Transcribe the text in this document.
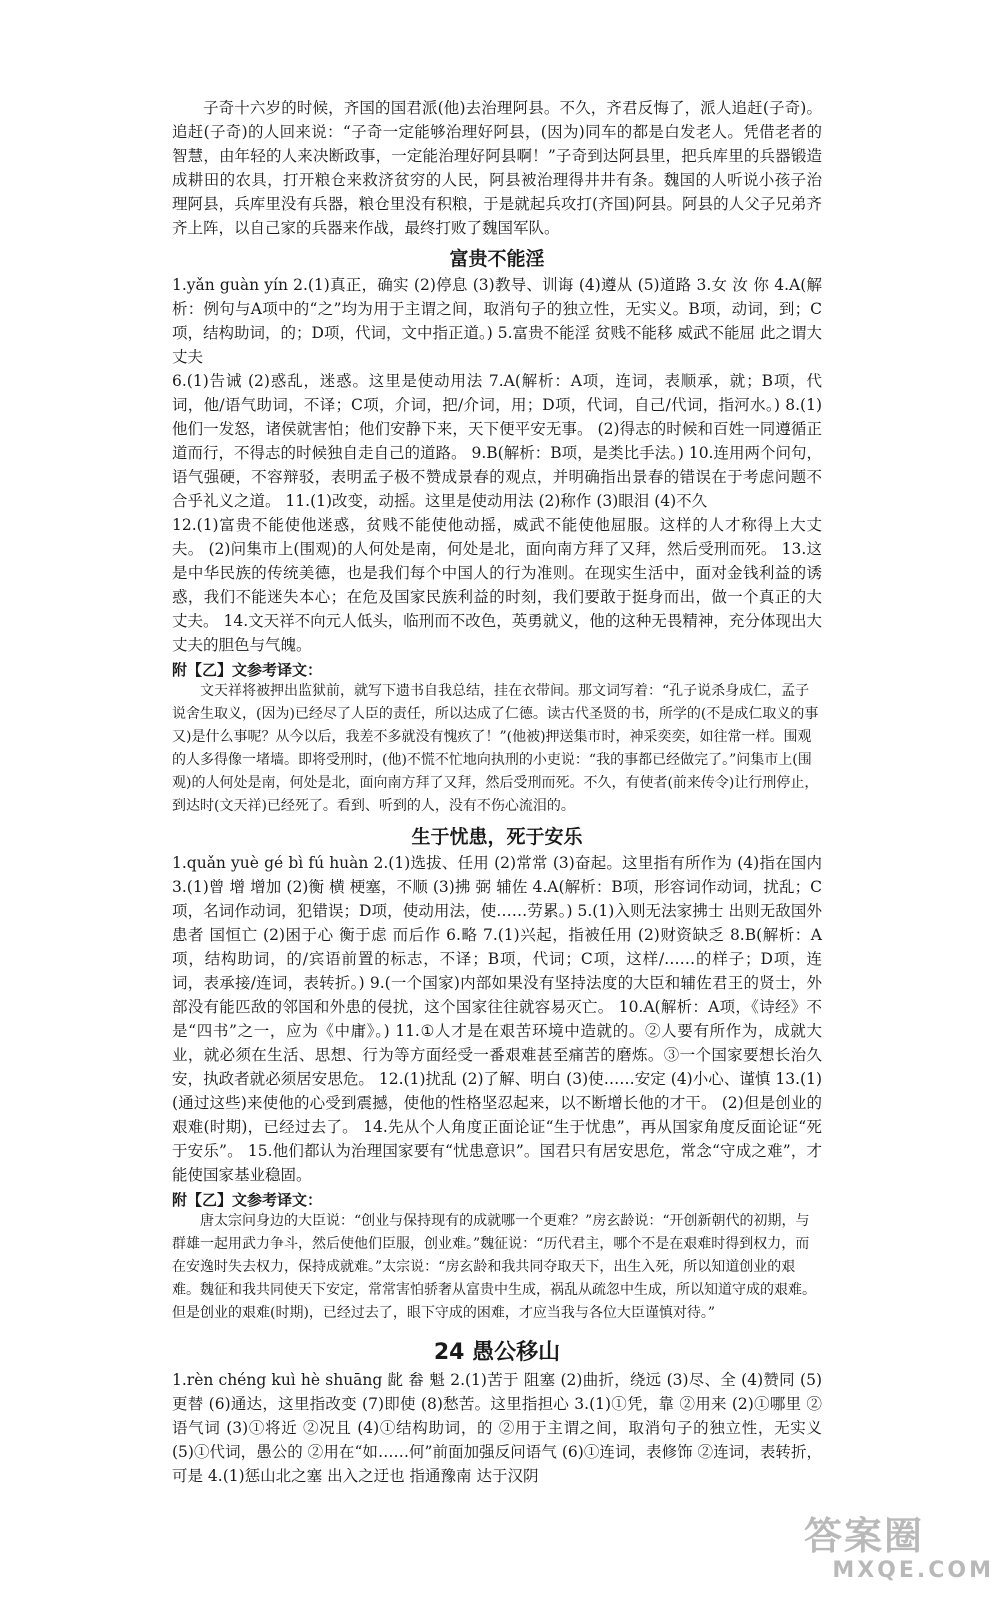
子奇十六岁的时候，齐国的国君派(他)去治理阿县。不久，齐君反悔了，派人追赶(子奇)。追赶(子奇)的人回来说：“子奇一定能够治理好阿县，(因为)同车的都是白发老人。凭借老者的智慧，由年轻的人来决断政事，一定能治理好阿县啊！”子奇到达阿县里，把兵库里的兵器锻造成耕田的农具，打开粮仓来救济贫穷的人民，阿县被治理得井井有条。魏国的人听说小孩子治理阿县，兵库里没有兵器，粮仓里没有积粮，于是就起兵攻打(齐国)阿县。阿县的人父子兄弟齐齐上阵，以自己家的兵器来作战，最终打败了魏国军队。

富贵不能淫

1.yǎn guàn yín 2.(1)真正，确实 (2)停息 (3)教导、训诲 (4)遵从 (5)道路 3.女 汝 你 4.A(解析：例句与A项中的“之”均为用于主谓之间，取消句子的独立性，无实义。B项，动词，到；C项，结构助词，的；D项，代词，文中指正道。) 5.富贵不能淫 贫贱不能移 威武不能屈 此之谓大丈夫

6.(1)告诫 (2)惑乱，迷惑。这里是使动用法 7.A(解析：A项，连词，表顺承，就；B项，代词，他/语气助词，不译；C项，介词，把/介词，用；D项，代词，自己/代词，指河水。) 8.(1)他们一发怒，诸侯就害怕；他们安静下来，天下便平安无事。 (2)得志的时候和百姓一同遵循正道而行，不得志的时候独自走自己的道路。 9.B(解析：B项，是类比手法。) 10.连用两个问句，语气强硬，不容辩驳，表明孟子极不赞成景春的观点，并明确指出景春的错误在于考虑问题不合乎礼义之道。 11.(1)改变，动摇。这里是使动用法 (2)称作 (3)眼泪 (4)不久

12.(1)富贵不能使他迷惑，贫贱不能使他动摇，威武不能使他屈服。这样的人才称得上大丈夫。 (2)问集市上(围观)的人何处是南，何处是北，面向南方拜了又拜，然后受刑而死。 13.这是中华民族的传统美德，也是我们每个中国人的行为准则。在现实生活中，面对金钱利益的诱惑，我们不能迷失本心；在危及国家民族利益的时刻，我们要敢于挺身而出，做一个真正的大丈夫。 14.文天祥不向元人低头，临刑而不改色，英勇就义，他的这种无畏精神，充分体现出大丈夫的胆色与气魄。

附【乙】文参考译文：

文天祥将被押出监狱前，就写下遗书自我总结，挂在衣带间。那文词写着：“孔子说杀身成仁，孟子说舍生取义，(因为)已经尽了人臣的责任，所以达成了仁德。读古代圣贤的书，所学的(不是成仁取义的事又)是什么事呢？从今以后，我差不多就没有愧疚了！”(他被)押送集市时，神采奕奕，如往常一样。围观的人多得像一堵墙。即将受刑时，(他)不慌不忙地向执刑的小吏说：“我的事都已经做完了。”问集市上(围观)的人何处是南，何处是北，面向南方拜了又拜，然后受刑而死。不久，有使者(前来传令)让行刑停止，到达时(文天祥)已经死了。看到、听到的人，没有不伤心流泪的。

生于忧患，死于安乐

1.quǎn yuè gé bì fú huàn 2.(1)选拔、任用 (2)常常 (3)奋起。这里指有所作为 (4)指在国内 3.(1)曾 增 增加 (2)衡 横 梗塞，不顺 (3)拂 弼 辅佐 4.A(解析：B项，形容词作动词，扰乱；C项，名词作动词，犯错误；D项，使动用法，使……劳累。) 5.(1)入则无法家拂士 出则无敌国外患者 国恒亡 (2)困于心 衡于虑 而后作 6.略 7.(1)兴起，指被任用 (2)财资缺乏 8.B(解析：A项，结构助词，的/宾语前置的标志，不译；B项，代词；C项，这样/……的样子；D项，连词，表承接/连词，表转折。) 9.(一个国家)内部如果没有坚持法度的大臣和辅佐君王的贤士，外部没有能匹敌的邻国和外患的侵扰，这个国家往往就容易灭亡。 10.A(解析：A项，《诗经》不是“四书”之一，应为《中庸》。) 11.①人才是在艰苦环境中造就的。②人要有所作为，成就大业，就必须在生活、思想、行为等方面经受一番艰难甚至痛苦的磨炼。③一个国家要想长治久安，执政者就必须居安思危。 12.(1)扰乱 (2)了解、明白 (3)使……安定 (4)小心、谨慎 13.(1)(通过这些)来使他的心受到震撼，使他的性格坚忍起来，以不断增长他的才干。 (2)但是创业的艰难(时期)，已经过去了。 14.先从个人角度正面论证“生于忧患”，再从国家角度反面论证“死于安乐”。 15.他们都认为治理国家要有“忧患意识”。国君只有居安思危，常念“守成之难”，才能使国家基业稳固。

附【乙】文参考译文：

唐太宗问身边的大臣说：“创业与保持现有的成就哪一个更难？”房玄龄说：“开创新朝代的初期，与群雄一起用武力争斗，然后使他们臣服，创业难。”魏征说：“历代君主，哪个不是在艰难时得到权力，而在安逸时失去权力，保持成就难。”太宗说：“房玄龄和我共同夺取天下，出生入死，所以知道创业的艰难。魏征和我共同使天下安定，常常害怕骄奢从富贵中生成，祸乱从疏忽中生成，所以知道守成的艰难。但是创业的艰难(时期)，已经过去了，眼下守成的困难，才应当我与各位大臣谨慎对待。”

24 愚公移山

1.rèn chéng kuì hè shuāng 龀 畚 魁 2.(1)苦于 阻塞 (2)曲折，绕远 (3)尽、全 (4)赞同 (5)更替 (6)通达，这里指改变 (7)即使 (8)愁苦。这里指担心 3.(1)①凭，靠 ②用来 (2)①哪里 ②语气词 (3)①将近 ②况且 (4)①结构助词，的 ②用于主谓之间，取消句子的独立性，无实义 (5)①代词，愚公的 ②用在“如……何”前面加强反问语气 (6)①连词，表修饰 ②连词，表转折，可是 4.(1)惩山北之塞 出入之迂也 指通豫南 达于汉阴

答案圈
MXQE.COM
